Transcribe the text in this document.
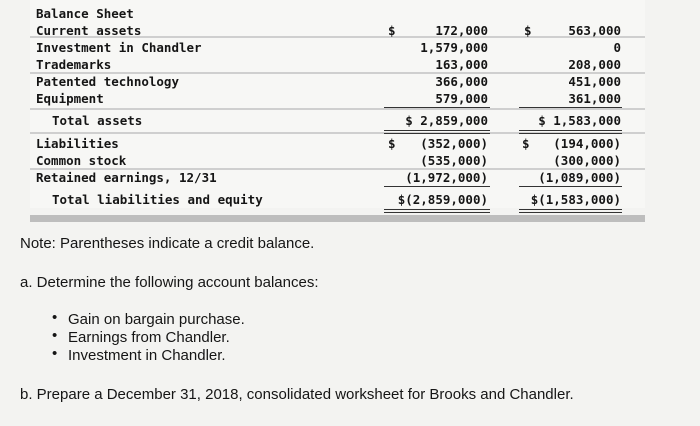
Balance Sheet
Current assets
Investment in Chandler
Trademarks
Patented technology
Equipment
Total assets
Liabilities
Common stock
Retained earnings, 12/31
Total liabilities and equity
$	$
$	$
172,000
1,579,000
163,000
366,000
579,000
$ 2,859,000
(352,000)
(535,000)
(1,972,000)
$(2,859,000)
563,000
0
208,000
451,000
361,000
$ 1,583,000
(194,000)
(300,000)
(1,089,000)
$(1,583,000)
Note: Parentheses indicate a credit balance.
a. Determine the following account balances:
• Gain on bargain purchase.
• Earnings from Chandler.
• Investment in Chandler.
b. Prepare a December 31, 2018, consolidated worksheet for Brooks and Chandler.
